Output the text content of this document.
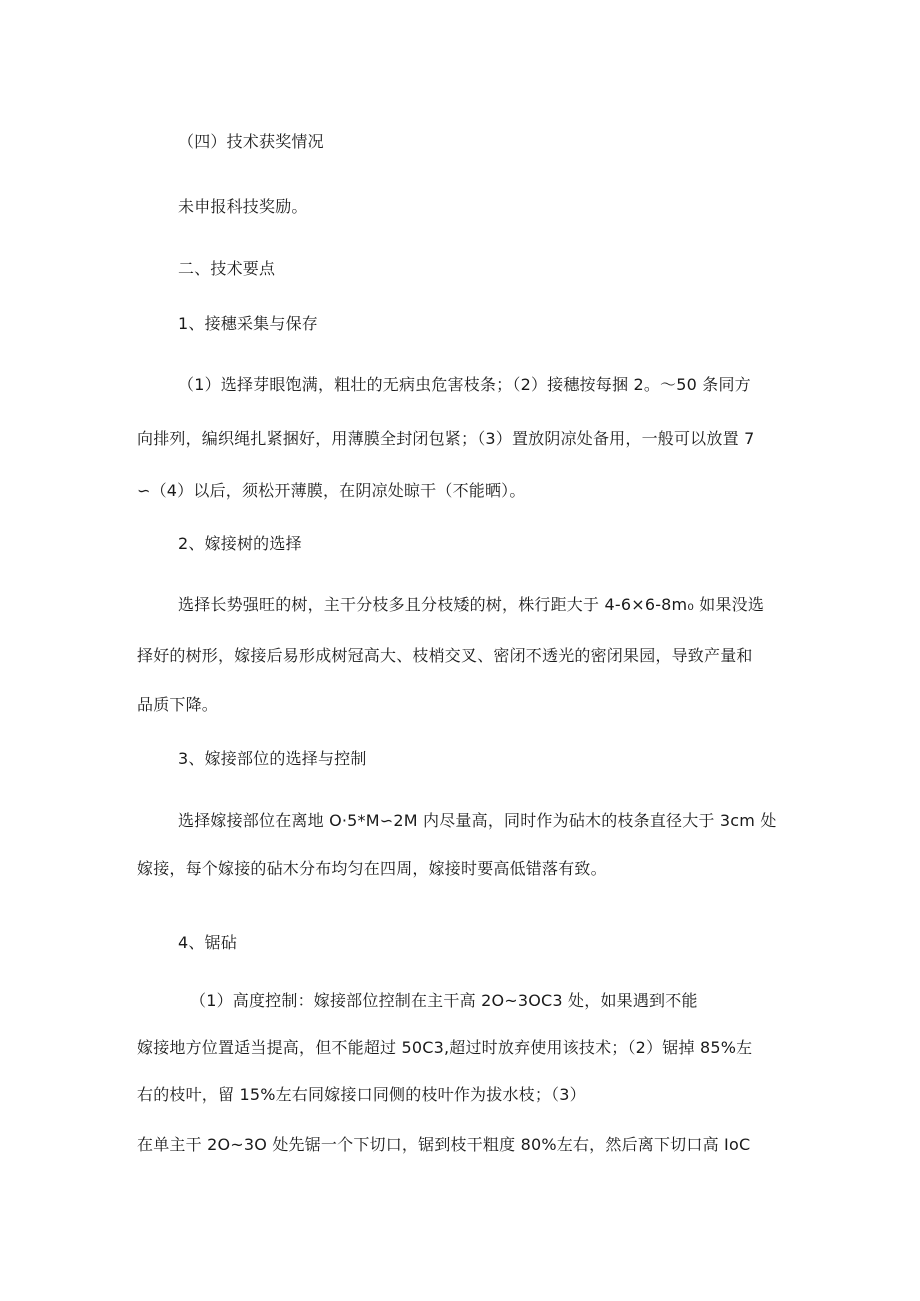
（四）技术获奖情况
未申报科技奖励。
二、技术要点
1、接穗采集与保存
（1）选择芽眼饱满，粗壮的无病虫危害枝条；（2）接穗按每捆 2。～50 条同方
向排列，编织绳扎紧捆好，用薄膜全封闭包紧；（3）置放阴凉处备用，一般可以放置 7
∽（4）以后，须松开薄膜，在阴凉处晾干（不能晒）。
2、嫁接树的选择
选择长势强旺的树，主干分枝多且分枝矮的树，株行距大于 4-6×6-8m₀ 如果没选
择好的树形，嫁接后易形成树冠高大、枝梢交叉、密闭不透光的密闭果园，导致产量和
品质下降。
3、嫁接部位的选择与控制
选择嫁接部位在离地 O·5*M∽2M 内尽量高，同时作为砧木的枝条直径大于 3cm 处
嫁接，每个嫁接的砧木分布均匀在四周，嫁接时要高低错落有致。
4、锯砧
（1）高度控制：嫁接部位控制在主干高 2O~3OC3 处，如果遇到不能
嫁接地方位置适当提高，但不能超过 50C3,超过时放弃使用该技术；（2）锯掉 85%左
右的枝叶，留 15%左右同嫁接口同侧的枝叶作为拔水枝；（3）
在单主干 2O~3O 处先锯一个下切口，锯到枝干粗度 80%左右，然后离下切口高 IoC
